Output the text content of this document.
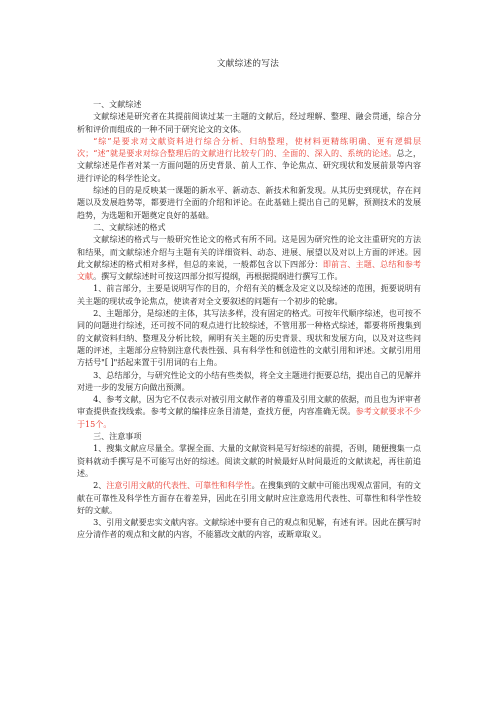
文献综述的写法

一、文献综述

文献综述是研究者在其提前阅读过某一主题的文献后，经过理解、整理、融会贯通，综合分析和评价而组成的一种不同于研究论文的文体。

“综”是要求对文献资料进行综合分析、归纳整理，使材料更精练明确、更有逻辑层次；“述”就是要求对综合整理后的文献进行比较专门的、全面的、深入的、系统的论述。总之，文献综述是作者对某一方面问题的历史背景、前人工作、争论焦点、研究现状和发展前景等内容进行评论的科学性论文。

综述的目的是反映某一课题的新水平、新动态、新技术和新发现。从其历史到现状，存在问题以及发展趋势等，都要进行全面的介绍和评论。在此基础上提出自己的见解，预测技术的发展趋势，为选题和开题奠定良好的基础。

二、文献综述的格式

文献综述的格式与一般研究性论文的格式有所不同。这是因为研究性的论文注重研究的方法和结果，而文献综述介绍与主题有关的详细资料、动态、进展、展望以及对以上方面的评述。因此文献综述的格式相对多样，但总的来说，一般都包含以下四部分：即前言、主题、总结和参考文献。撰写文献综述时可按这四部分拟写提纲，再根据提纲进行撰写工作。

1、前言部分，主要是说明写作的目的，介绍有关的概念及定义以及综述的范围，扼要说明有关主题的现状或争论焦点，使读者对全文要叙述的问题有一个初步的轮廓。

2、主题部分，是综述的主体，其写法多样，没有固定的格式。可按年代顺序综述，也可按不同的问题进行综述，还可按不同的观点进行比较综述，不管用那一种格式综述，都要将所搜集到的文献资料归纳、整理及分析比较，阐明有关主题的历史背景、现状和发展方向，以及对这些问题的评述，主题部分应特别注意代表性强、具有科学性和创造性的文献引用和评述。文献引用用方括号"[ ]"括起来置于引用词的右上角。

3、总结部分，与研究性论文的小结有些类似，将全文主题进行扼要总结，提出自己的见解并对进一步的发展方向做出预测。

4、参考文献，因为它不仅表示对被引用文献作者的尊重及引用文献的依据，而且也为评审者审查提供查找线索。参考文献的编排应条目清楚，查找方便，内容准确无误。参考文献要求不少于15个。

三、注意事项

1、搜集文献应尽量全。掌握全面、大量的文献资料是写好综述的前提，否则，随便搜集一点资料就动手撰写是不可能写出好的综述。阅读文献的时候最好从时间最近的文献读起，再往前追述。

2、注意引用文献的代表性、可靠性和科学性。在搜集到的文献中可能出现观点雷同，有的文献在可靠性及科学性方面存在着差异，因此在引用文献时应注意选用代表性、可靠性和科学性较好的文献。

3、引用文献要忠实文献内容。文献综述中要有自己的观点和见解，有述有评。因此在撰写时应分清作者的观点和文献的内容，不能篡改文献的内容，或断章取义。
